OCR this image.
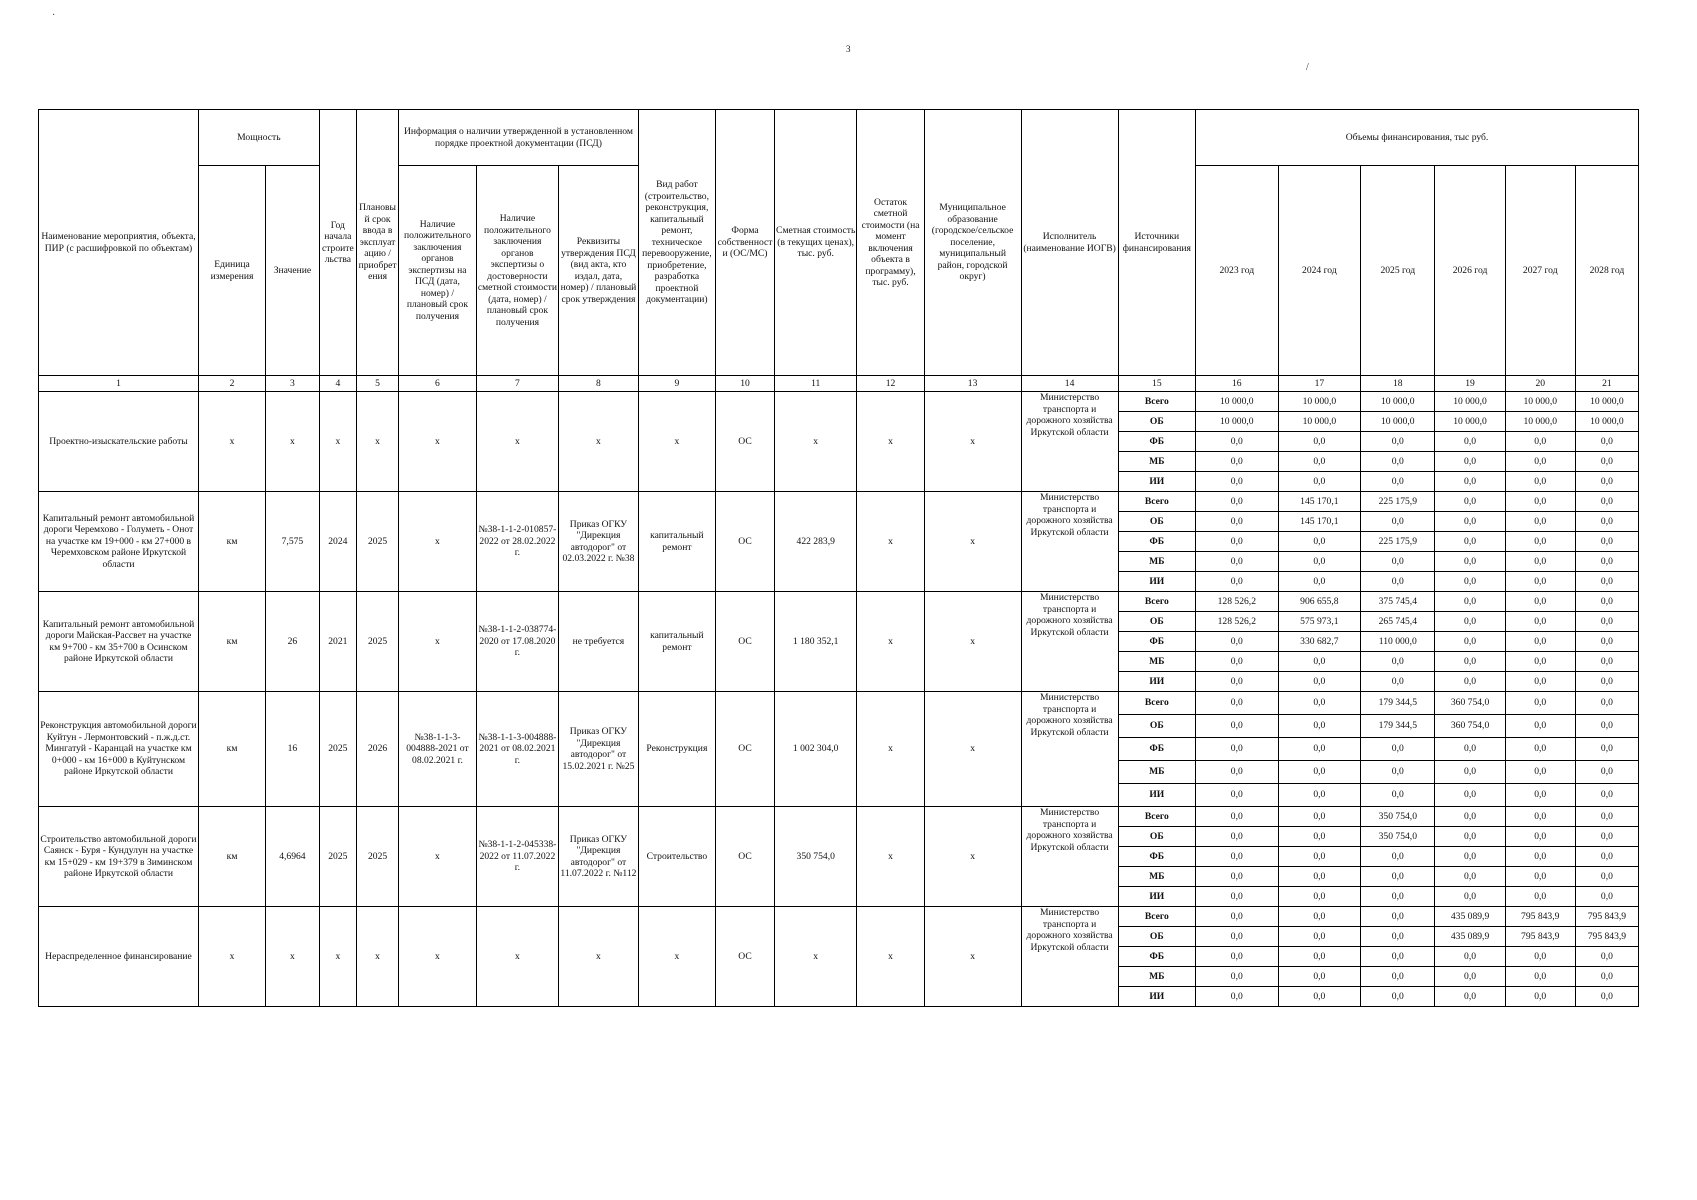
3
·
/
Наименование мероприятия, объекта, ПИР (с расшифровкой по объектам)	Мощность		Год начала строительства	Плановый срок ввода в эксплуатацию / приобретения	Информация о наличии утвержденной в установленном порядке проектной документации (ПСД)			Вид работ (строительство, реконструкция, капитальный ремонт, техническое перевооружение, приобретение, разработка проектной документации)	Форма собственности (ОС/МС)	Сметная стоимость (в текущих ценах), тыс. руб.	Остаток сметной стоимости (на момент включения объекта в программу), тыс. руб.	Муниципальное образование (городское/сельское поселение, муниципальный район, городской округ)	Исполнитель (наименование ИОГВ)	Источники финансирования	Объемы финансирования, тыс руб.					
	Единица измерения	Значение			Наличие положительного заключения органов экспертизы на ПСД (дата, номер) / плановый срок получения	Наличие положительного заключения органов экспертизы о достоверности сметной стоимости (дата, номер) / плановый срок получения	Реквизиты утверждения ПСД (вид акта, кто издал, дата, номер) / плановый срок утверждения								2023 год	2024 год	2025 год	2026 год	2027 год	2028 год
1	2	3	4	5	6	7	8	9	10	11	12	13	14	15	16	17	18	19	20	21
Проектно-изыскательские работы	х	х	х	х	х	х	х	х	ОС	х	х	х	Министерство транспорта и дорожного хозяйства Иркутской области	Всего	10 000,0	10 000,0	10 000,0	10 000,0	10 000,0	10 000,0
														ОБ	10 000,0	10 000,0	10 000,0	10 000,0	10 000,0	10 000,0
														ФБ	0,0	0,0	0,0	0,0	0,0	0,0
														МБ	0,0	0,0	0,0	0,0	0,0	0,0
														ИИ	0,0	0,0	0,0	0,0	0,0	0,0
Капитальный ремонт автомобильной дороги Черемхово - Голуметь - Онот на участке км 19+000 - км 27+000 в Черемховском районе Иркутской области	км	7,575	2024	2025	х	№38-1-1-2-010857-2022 от 28.02.2022 г.	Приказ ОГКУ "Дирекция автодорог" от 02.03.2022 г. №38	капитальный ремонт	ОС	422 283,9	х	х	Министерство транспорта и дорожного хозяйства Иркутской области	Всего	0,0	145 170,1	225 175,9	0,0	0,0	0,0
														ОБ	0,0	145 170,1	0,0	0,0	0,0	0,0
														ФБ	0,0	0,0	225 175,9	0,0	0,0	0,0
														МБ	0,0	0,0	0,0	0,0	0,0	0,0
														ИИ	0,0	0,0	0,0	0,0	0,0	0,0
Капитальный ремонт автомобильной дороги Майская-Рассвет на участке км 9+700 - км 35+700 в Осинском районе Иркутской области	км	26	2021	2025	х	№38-1-1-2-038774-2020 от 17.08.2020 г.	не требуется	капитальный ремонт	ОС	1 180 352,1	х	х	Министерство транспорта и дорожного хозяйства Иркутской области	Всего	128 526,2	906 655,8	375 745,4	0,0	0,0	0,0
														ОБ	128 526,2	575 973,1	265 745,4	0,0	0,0	0,0
														ФБ	0,0	330 682,7	110 000,0	0,0	0,0	0,0
														МБ	0,0	0,0	0,0	0,0	0,0	0,0
														ИИ	0,0	0,0	0,0	0,0	0,0	0,0
Реконструкция автомобильной дороги Куйтун - Лермонтовский - п.ж.д.ст. Мингатуй - Каранцай на участке км 0+000 - км 16+000 в Куйтунском районе Иркутской области	км	16	2025	2026	№38-1-1-3-004888-2021 от 08.02.2021 г.	№38-1-1-3-004888-2021 от 08.02.2021 г.	Приказ ОГКУ "Дирекция автодорог" от 15.02.2021 г. №25	Реконструкция	ОС	1 002 304,0	х	х	Министерство транспорта и дорожного хозяйства Иркутской области	Всего	0,0	0,0	179 344,5	360 754,0	0,0	0,0
														ОБ	0,0	0,0	179 344,5	360 754,0	0,0	0,0
														ФБ	0,0	0,0	0,0	0,0	0,0	0,0
														МБ	0,0	0,0	0,0	0,0	0,0	0,0
														ИИ	0,0	0,0	0,0	0,0	0,0	0,0
Строительство автомобильной дороги Саянск - Буря - Кундулун на участке км 15+029 - км 19+379 в Зиминском районе Иркутской области	км	4,6964	2025	2025	х	№38-1-1-2-045338-2022 от 11.07.2022 г.	Приказ ОГКУ "Дирекция автодорог" от 11.07.2022 г. №112	Строительство	ОС	350 754,0	х	х	Министерство транспорта и дорожного хозяйства Иркутской области	Всего	0,0	0,0	350 754,0	0,0	0,0	0,0
														ОБ	0,0	0,0	350 754,0	0,0	0,0	0,0
														ФБ	0,0	0,0	0,0	0,0	0,0	0,0
														МБ	0,0	0,0	0,0	0,0	0,0	0,0
														ИИ	0,0	0,0	0,0	0,0	0,0	0,0
Нераспределенное финансирование	х	х	х	х	х	х	х	х	ОС	х	х	х	Министерство транспорта и дорожного хозяйства Иркутской области	Всего	0,0	0,0	0,0	435 089,9	795 843,9	795 843,9
														ОБ	0,0	0,0	0,0	435 089,9	795 843,9	795 843,9
														ФБ	0,0	0,0	0,0	0,0	0,0	0,0
														МБ	0,0	0,0	0,0	0,0	0,0	0,0
														ИИ	0,0	0,0	0,0	0,0	0,0	0,0
